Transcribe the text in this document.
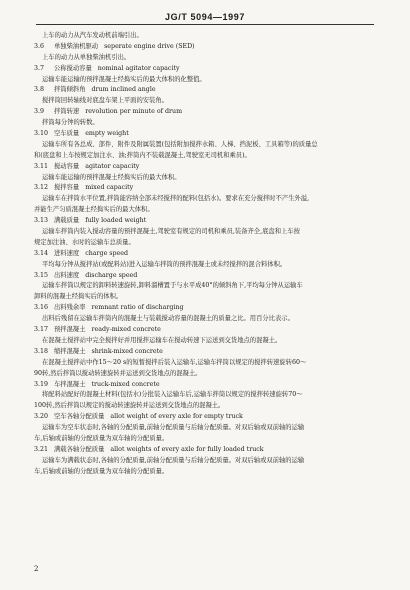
JG/T 5094—1997
上车的动力从汽车发动机前端引出。
3.6 单独柴油机驱动 seperate engine drive (SED)
上车的动力从单独柴油机引出。
3.7 公称搅动容量 nominal agitator capacity
运输车能运输的预拌混凝土经捣实后的最大体积的化整值。
3.8 拌筒倾斜角 drum inclined angle
搅拌筒回转轴线对底盘车架上平面的安装角。
3.9 拌筒转速 revolution per minute of drum
拌筒每分钟的转数。
3.10 空车质量 empty weight
运输车所有各总成、部件、附件及附属装置(包括附加搅拌水箱、人梯、挡泥板、工具箱等)的质量总
和(底盘和上车按规定加注水、油;拌筒内不装载混凝土,驾驶室无司机和乘员)。
3.11 搅动容量 agitator capacity
运输车能运输的预拌混凝土经捣实后的最大体积。
3.12 搅拌容量 mixed capacity
运输车在拌筒水平位置,拌筒能容纳全部未经搅拌的配料(包括水)。要求在充分搅拌时不产生外溢,
并能生产匀质混凝土经捣实后的最大体积。
3.13 满载质量 fully loaded weight
运输车拌筒内装入搅动容量的预拌混凝土,驾驶室有规定的司机和乘员,装备齐全,底盘和上车按
规定加注油、水时的运输车总质量。
3.14 进料速度 charge speed
平均每分钟从搅拌站(或配料站)进入运输车拌筒的预拌混凝土或未经搅拌的混合料体积。
3.15 出料速度 discharge speed
运输车拌筒以规定的卸料转速旋转,卸料溜槽置于与水平成40°的倾斜角下,平均每分钟从运输车
卸料的混凝土经捣实后的体积。
3.16 出料残余率 remnant ratio of discharging
出料后残留在运输车拌筒内的混凝土与装载搅动容量的混凝土的质量之比。用百分比表示。
3.17 预拌混凝土 ready-mixed concrete
在混凝土搅拌站中完全搅拌好并用搅拌运输车在搅动转速下运送到交货地点的混凝土。
3.18 缩拌混凝土 shrink-mixed concrete
在混凝土搅拌站中作15～20 s的短暂搅拌后装入运输车,运输车拌筒以规定的搅拌转速旋转60～
90转,然后拌筒以搅动转速旋转并运送到交货地点的混凝土。
3.19 车拌混凝土 truck-mixed concrete
将配料站配好的混凝土材料(包括水)分批装入运输车后,运输车拌筒以规定的搅拌转速旋转70～
100转,然后拌筒以规定的搅动转速旋转并运送到交货地点的混凝土。
3.20 空车各轴分配质量 allot weight of every axle for empty truck
运输车为空车状态时,各轴的分配质量,前轴分配质量与后轴分配质量。对双后轴或双前轴的运输
车,后轴或前轴的分配质量为双车轴的分配质量。
3.21 满载各轴分配质量 allot weights of every axle for fully loaded truck
运输车为满载状态时,各轴的分配质量,前轴分配质量与后轴分配质量。对双后轴或双前轴的运输
车,后轴或前轴的分配质量为双车轴的分配质量。
2
